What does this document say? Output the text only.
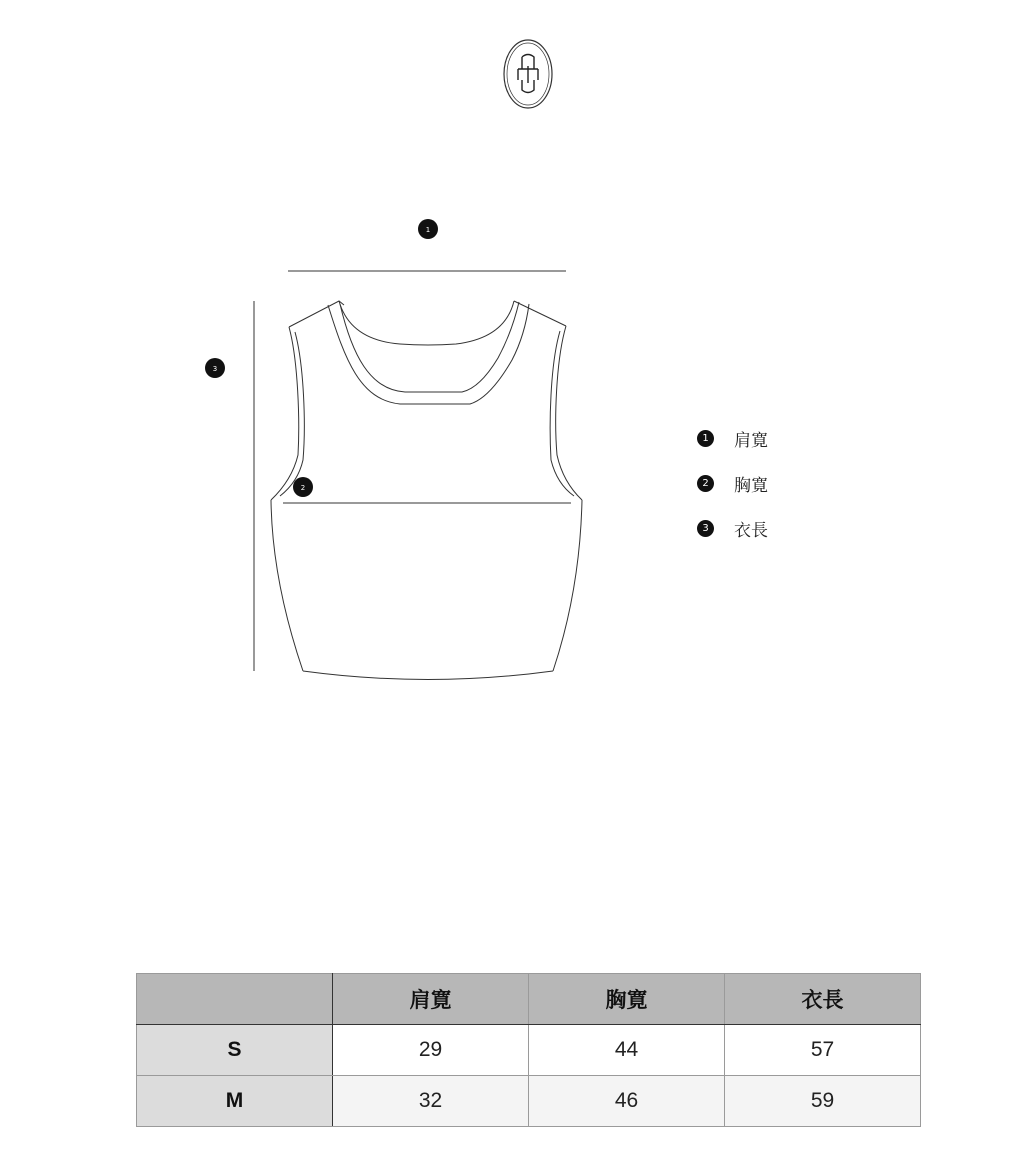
1
3
2
1	肩寛
2	胸寛
3	衣長
	肩寛	胸寛	衣長
S	29	44	57
M	32	46	59
